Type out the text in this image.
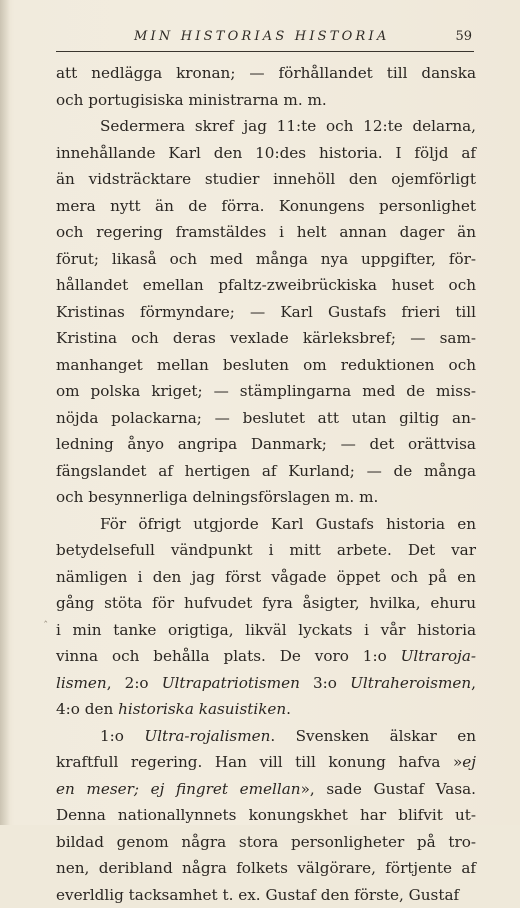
MIN HISTORIAS HISTORIA	59
‸
att nedlägga kronan; — förhållandet till danska
och portugisiska ministrarna m. m.
Sedermera skref jag 11:te och 12:te delarna,
innehållande Karl den 10:des historia. I följd af
än vidsträcktare studier innehöll den ojemförligt
mera nytt än de förra. Konungens personlighet
och regering framstäldes i helt annan dager än
förut; likaså och med många nya uppgifter, för-
hållandet emellan pfaltz-zweibrückiska huset och
Kristinas förmyndare; — Karl Gustafs frieri till
Kristina och deras vexlade kärleksbref; — sam-
manhanget mellan besluten om reduktionen och
om polska kriget; — stämplingarna med de miss-
nöjda polackarna; — beslutet att utan giltig an-
ledning ånyo angripa Danmark; — det orättvisa
fängslandet af hertigen af Kurland; — de många
och besynnerliga delningsförslagen m. m.
För öfrigt utgjorde Karl Gustafs historia en
betydelsefull vändpunkt i mitt arbete. Det var
nämligen i den jag först vågade öppet och på en
gång stöta för hufvudet fyra åsigter, hvilka, ehuru
i min tanke origtiga, likväl lyckats i vår historia
vinna och behålla plats. De voro 1:o Ultraroja-
lismen, 2:o Ultrapatriotismen 3:o Ultraheroismen,
4:o den historiska kasuistiken.
1:o Ultra-rojalismen. Svensken älskar en
kraftfull regering. Han vill till konung hafva »ej
en meser; ej fingret emellan», sade Gustaf Vasa.
Denna nationallynnets konungskhet har blifvit ut-
bildad genom några stora personligheter på tro-
nen, deribland några folkets välgörare, förtjente af
everldlig tacksamhet t. ex. Gustaf den förste, Gustaf
